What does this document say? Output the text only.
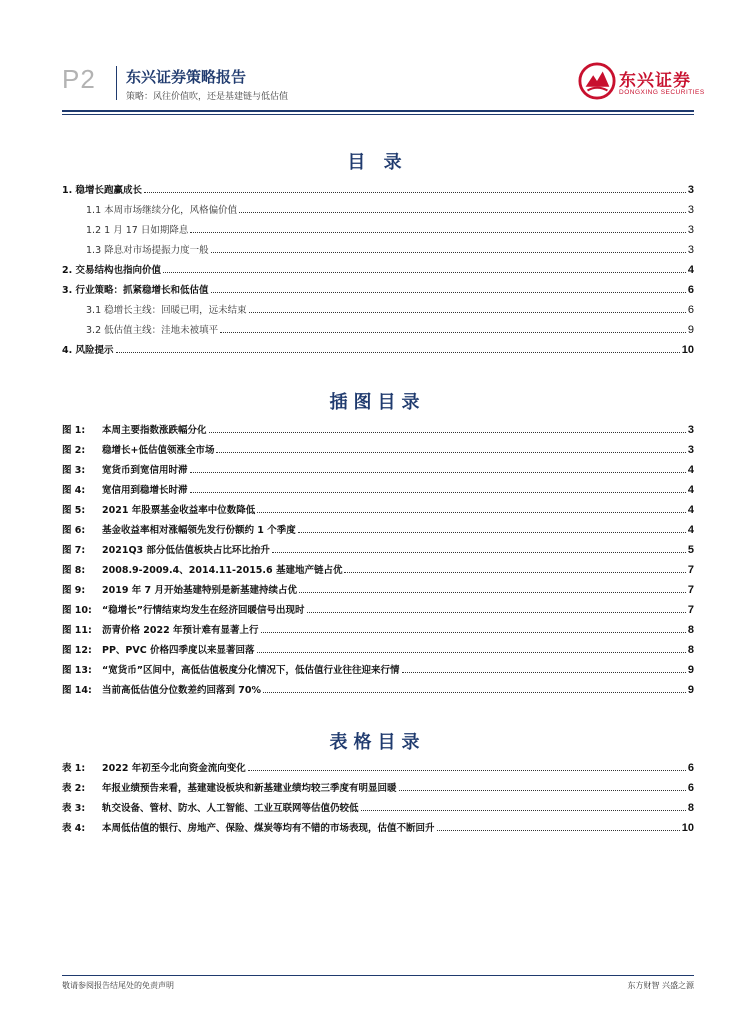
P2 东兴证券策略报告
策略：风往价值吹，还是基建链与低估值
东兴证券
DONGXING SECURITIES
目 录
1. 稳增长跑赢成长	3
1.1 本周市场继续分化，风格偏价值	3
1.2 1 月 17 日如期降息	3
1.3 降息对市场提振力度一般	3
2. 交易结构也指向价值	4
3. 行业策略：抓紧稳增长和低估值	6
3.1 稳增长主线：回暖已明，远未结束	6
3.2 低估值主线：洼地未被填平	9
4. 风险提示	10
插图目录
图 1: 本周主要指数涨跌幅分化	3
图 2: 稳增长+低估值领涨全市场	3
图 3: 宽货币到宽信用时滞	4
图 4: 宽信用到稳增长时滞	4
图 5: 2021 年股票基金收益率中位数降低	4
图 6: 基金收益率相对涨幅领先发行份额约 1 个季度	4
图 7: 2021Q3 部分低估值板块占比环比抬升	5
图 8: 2008.9-2009.4、2014.11-2015.6 基建地产链占优	7
图 9: 2019 年 7 月开始基建特别是新基建持续占优	7
图 10: “稳增长”行情结束均发生在经济回暖信号出现时	7
图 11: 沥青价格 2022 年预计难有显著上行	8
图 12: PP、PVC 价格四季度以来显著回落	8
图 13: “宽货币”区间中，高低估值极度分化情况下，低估值行业往往迎来行情	9
图 14: 当前高低估值分位数差约回落到 70%	9
表格目录
表 1: 2022 年初至今北向资金流向变化	6
表 2: 年报业绩预告来看，基建建设板块和新基建业绩均较三季度有明显回暖	6
表 3: 轨交设备、管材、防水、人工智能、工业互联网等估值仍较低	8
表 4: 本周低估值的银行、房地产、保险、煤炭等均有不错的市场表现，估值不断回升	10
敬请参阅报告结尾处的免责声明	东方财智 兴盛之源
